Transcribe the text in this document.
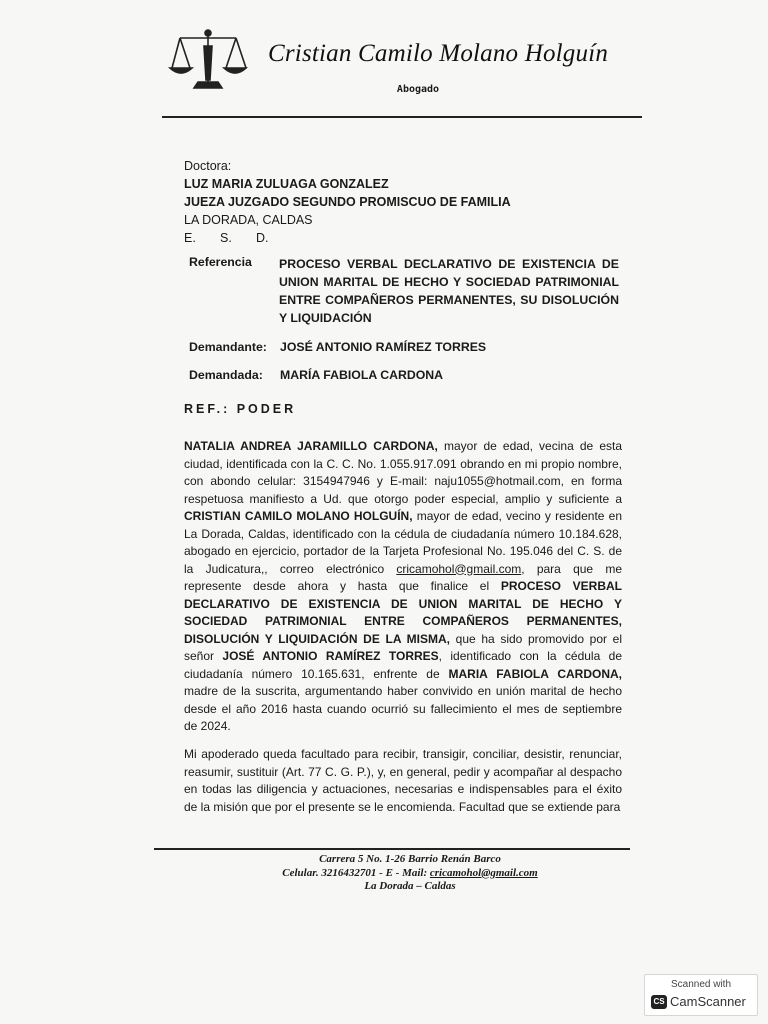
Cristian Camilo Molano Holguín
Abogado
Doctora:
LUZ MARIA ZULUAGA GONZALEZ
JUEZA JUZGADO SEGUNDO PROMISCUO DE FAMILIA
LA DORADA, CALDAS
E. S. D.
Referencia PROCESO VERBAL DECLARATIVO DE EXISTENCIA DE UNION MARITAL DE HECHO Y SOCIEDAD PATRIMONIAL ENTRE COMPAÑEROS PERMANENTES, SU DISOLUCIÓN Y LIQUIDACIÓN
Demandante: JOSÉ ANTONIO RAMÍREZ TORRES
Demandada: MARÍA FABIOLA CARDONA
REF.: PODER
NATALIA ANDREA JARAMILLO CARDONA, mayor de edad, vecina de esta
ciudad, identificada con la C. C. No. 1.055.917.091 obrando en mi propio nombre,
con abondo celular: 3154947946 y E-mail: naju1055@hotmail.com, en forma
respetuosa manifiesto a Ud. que otorgo poder especial, amplio y suficiente a
CRISTIAN CAMILO MOLANO HOLGUÍN, mayor de edad, vecino y residente en
La Dorada, Caldas, identificado con la cédula de ciudadanía número 10.184.628,
abogado en ejercicio, portador de la Tarjeta Profesional No. 195.046 del C. S. de
la Judicatura,, correo electrónico cricamohol@gmail.com, para que me
represente desde ahora y hasta que finalice el PROCESO VERBAL
DECLARATIVO DE EXISTENCIA DE UNION MARITAL DE HECHO Y
SOCIEDAD PATRIMONIAL ENTRE COMPAÑEROS PERMANENTES,
DISOLUCIÓN Y LIQUIDACIÓN DE LA MISMA, que ha sido promovido por el
señor JOSÉ ANTONIO RAMÍREZ TORRES, identificado con la cédula de
ciudadanía número 10.165.631, enfrente de MARIA FABIOLA CARDONA,
madre de la suscrita, argumentando haber convivido en unión marital de hecho
desde el año 2016 hasta cuando ocurrió su fallecimiento el mes de septiembre
de 2024.
Mi apoderado queda facultado para recibir, transigir, conciliar, desistir, renunciar,
reasumir, sustituir (Art. 77 C. G. P.), y, en general, pedir y acompañar al despacho
en todas las diligencia y actuaciones, necesarias e indispensables para el éxito
de la misión que por el presente se le encomienda. Facultad que se extiende para
Carrera 5 No. 1-26 Barrio Renán Barco
Celular. 3216432701 - E - Mail: cricamohol@gmail.com
La Dorada – Caldas
Scanned with
CS CamScanner
